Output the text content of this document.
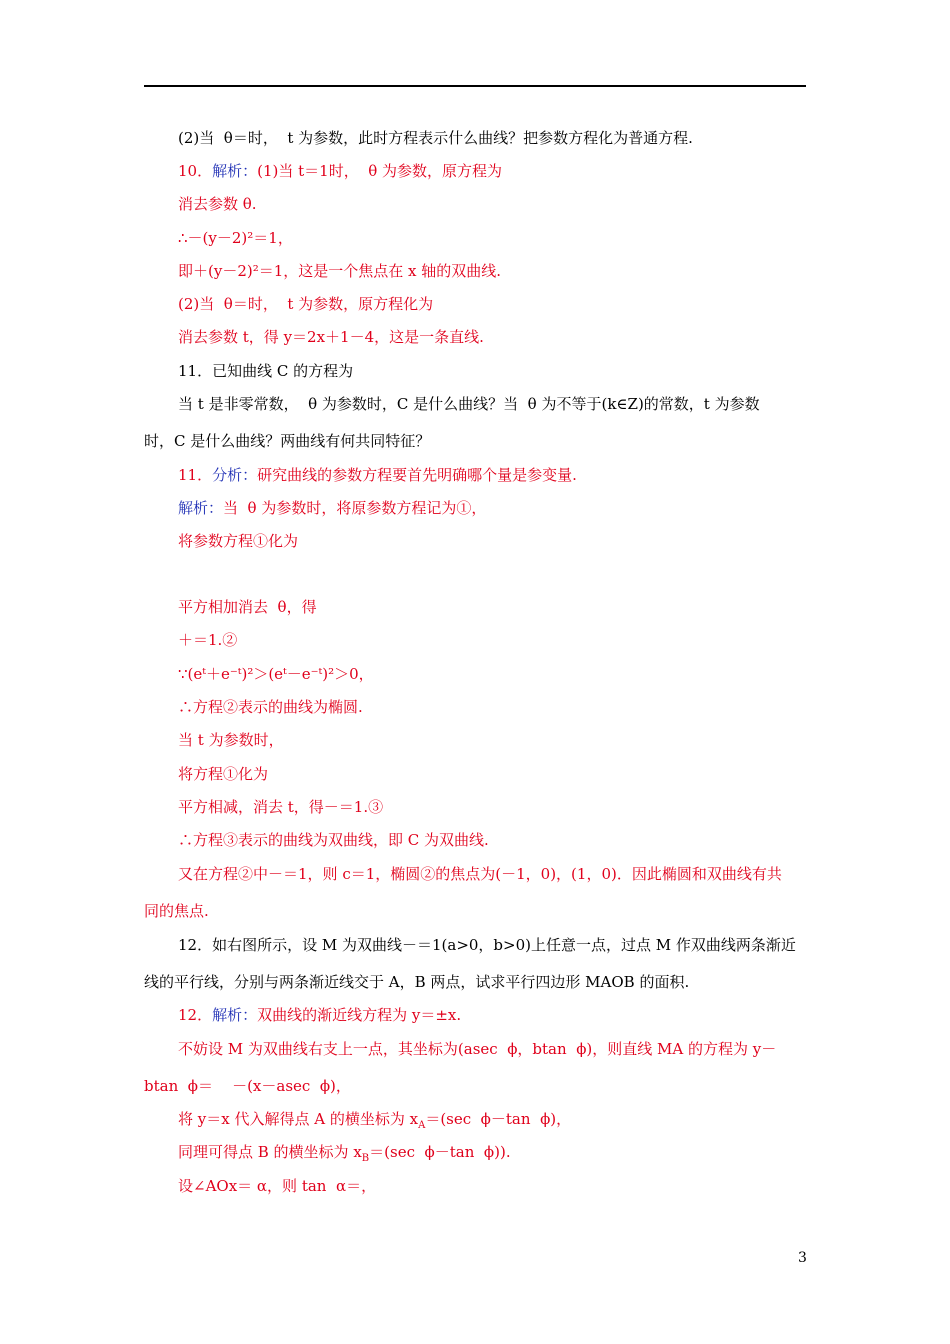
(2)当  θ＝时，  t 为参数，此时方程表示什么曲线？把参数方程化为普通方程.
10．解析：(1)当 t＝1时，  θ 为参数，原方程为
消去参数 θ.
∴－(y－2)²＝1，
即＋(y－2)²＝1，这是一个焦点在 x 轴的双曲线.
(2)当  θ＝时，  t 为参数，原方程化为
消去参数 t，得 y＝2x＋1－4，这是一条直线.
11．已知曲线 C 的方程为
当 t 是非零常数，  θ 为参数时，C 是什么曲线？当  θ 为不等于(k∈Z)的常数，t 为参数
时，C 是什么曲线？两曲线有何共同特征？
11．分析：研究曲线的参数方程要首先明确哪个量是参变量.
解析：当  θ 为参数时，将原参数方程记为①，
将参数方程①化为
平方相加消去  θ，得
＋＝1.②
∵(eᵗ＋e⁻ᵗ)²＞(eᵗ－e⁻ᵗ)²＞0，
∴方程②表示的曲线为椭圆.
当 t 为参数时，
将方程①化为
平方相减，消去 t，得－＝1.③
∴方程③表示的曲线为双曲线，即 C 为双曲线.
又在方程②中－＝1，则 c＝1，椭圆②的焦点为(－1，0)，(1，0)．因此椭圆和双曲线有共
同的焦点.
12．如右图所示，设 M 为双曲线－＝1(a>0，b>0)上任意一点，过点 M 作双曲线两条渐近
线的平行线，分别与两条渐近线交于 A，B 两点，试求平行四边形 MAOB 的面积.
12．解析：双曲线的渐近线方程为 y＝±x.
不妨设 M 为双曲线右支上一点，其坐标为(asec  ϕ，btan  ϕ)，则直线 MA 的方程为 y－
btan  ϕ＝    －(x－asec  ϕ)，
将 y＝x 代入解得点 A 的横坐标为 $x_A=(\sec$  ϕ－tan  ϕ)，
同理可得点 B 的横坐标为 $x_B=(\sec$  ϕ－tan  ϕ)).
设∠AOx＝ α，则 tan  α＝，
3
